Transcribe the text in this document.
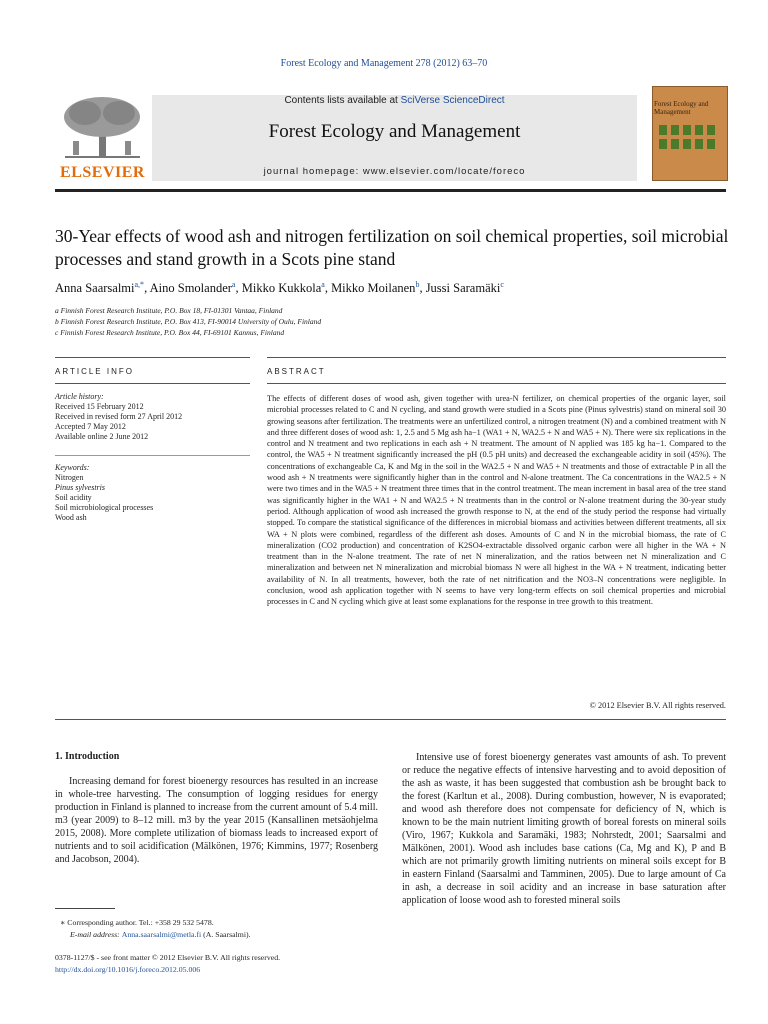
Forest Ecology and Management 278 (2012) 63–70
ELSEVIER
Contents lists available at SciVerse ScienceDirect
Forest Ecology and Management
journal homepage: www.elsevier.com/locate/foreco
Forest Ecology and Management
30-Year effects of wood ash and nitrogen fertilization on soil chemical properties, soil microbial processes and stand growth in a Scots pine stand
Anna Saarsalmi$^{a,*}$, Aino Smolander$^a$, Mikko Kukkola$^a$, Mikko Moilanen$^b$, Jussi Saramäki$^c$
a Finnish Forest Research Institute, P.O. Box 18, FI-01301 Vantaa, Finland
b Finnish Forest Research Institute, P.O. Box 413, FI-90014 University of Oulu, Finland
c Finnish Forest Research Institute, P.O. Box 44, FI-69101 Kannus, Finland
ARTICLE INFO
Article history:
Received 15 February 2012
Received in revised form 27 April 2012
Accepted 7 May 2012
Available online 2 June 2012
Keywords:
Nitrogen
Pinus sylvestris
Soil acidity
Soil microbiological processes
Wood ash
ABSTRACT
The effects of different doses of wood ash, given together with urea-N fertilizer, on chemical properties of the organic layer, soil microbial processes related to C and N cycling, and stand growth were studied in a Scots pine (Pinus sylvestris) stand on mineral soil 30 growing seasons after fertilization. The treatments were an unfertilized control, a nitrogen treatment (N) and a combined treatment with N and three different doses of wood ash: 1, 2.5 and 5 Mg ash ha−1 (WA1 + N, WA2.5 + N and WA5 + N). There were six replications in the control and N treatment and two replications in each ash + N treatment. The amount of N applied was 185 kg ha−1. Compared to the control, the WA5 + N treatment significantly increased the pH (0.5 pH units) and decreased the exchangeable acidity in soil (45%). The concentrations of exchangeable Ca, K and Mg in the soil in the WA2.5 + N and WA5 + N treatments and those of extractable P in all the wood ash + N treatments were significantly higher than in the control and N-alone treatment. The Ca concentrations in the WA2.5 + N were two times and in the WA5 + N treatment three times that in the control treatment. The mean increment in basal area of the tree stand was significantly higher in the WA1 + N and WA2.5 + N treatments than in the control or N-alone treatment during the 30-year study period. Although application of wood ash increased the growth response to N, at the end of the study period the response had virtually stopped. To compare the statistical significance of the differences in microbial biomass and activities between different treatments, all six WA + N plots were combined, regardless of the different ash doses. Amounts of C and N in the microbial biomass, the rate of C mineralization (CO2 production) and concentration of K2SO4-extractable dissolved organic carbon were all higher in the WA + N treatment than in the N-alone treatment. The rate of net N mineralization, and the ratios between net N mineralization and C mineralization and between net N mineralization and microbial biomass N were all highest in the WA + N treatment, indicating better availability of N. In all treatments, however, both the rate of net nitrification and the NO3–N concentrations were negligible. In conclusion, wood ash application together with N seems to have very long-term effects on soil chemical properties and microbial processes in C and N cycling which give at least some explanations for the response in tree growth to this treatment.
© 2012 Elsevier B.V. All rights reserved.
1. Introduction
Increasing demand for forest bioenergy resources has resulted in an increase in whole-tree harvesting. The consumption of logging residues for energy production in Finland is planned to increase from the current amount of 5.4 mill. m3 (year 2009) to 8–12 mill. m3 by the year 2015 (Kansallinen metsäohjelma 2015, 2008). More complete utilization of biomass leads to increased export of nutrients and to soil acidification (Mälkönen, 1976; Kimmins, 1977; Rosenberg and Jacobson, 2004).
Intensive use of forest bioenergy generates vast amounts of ash. To prevent or reduce the negative effects of intensive harvesting and to avoid deposition of the ash as waste, it has been suggested that combustion ash be brought back to the forest (Karltun et al., 2008). During combustion, however, N is evaporated; and wood ash therefore does not compensate for deficiency of N, which is known to be the main nutrient limiting growth of boreal forests on mineral soils (Viro, 1967; Kukkola and Saramäki, 1983; Nohrstedt, 2001; Saarsalmi and Mälkönen, 2001). Wood ash includes base cations (Ca, Mg and K), P and B which are not primarily growth limiting nutrients on mineral soils except for B in eastern Finland (Saarsalmi and Tamminen, 2005). Due to large amount of Ca in ash, a decrease in soil acidity and an increase in base saturation after application of loose wood ash to forested mineral soils
∗ Corresponding author. Tel.: +358 29 532 5478.
E-mail address: Anna.saarsalmi@metla.fi (A. Saarsalmi).
0378-1127/$ - see front matter © 2012 Elsevier B.V. All rights reserved.
http://dx.doi.org/10.1016/j.foreco.2012.05.006
